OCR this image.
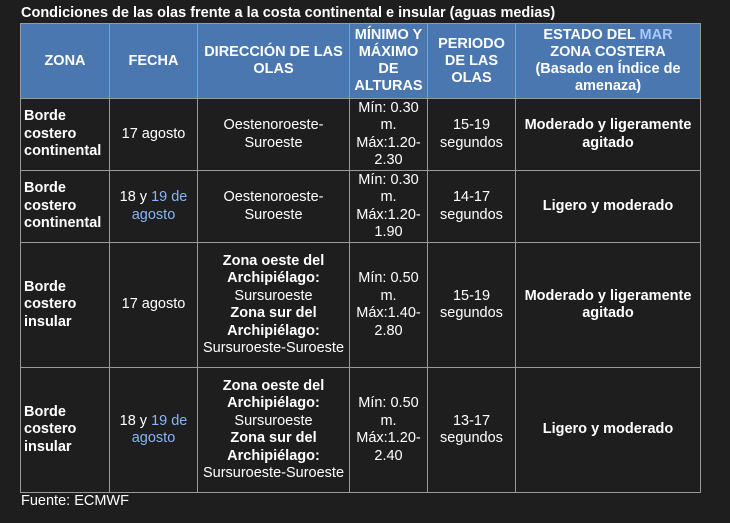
Condiciones de las olas frente a la costa continental e insular (aguas medias)
ZONA	FECHA	DIRECCIÓN DE LAS OLAS	MÍNIMO Y MÁXIMO DE ALTURAS	PERIODO DE LAS OLAS	ESTADO DEL MAR
ZONA COSTERA
(Basado en Índice de amenaza)

Borde costero continental	17 agosto	Oestenoroeste-Suroeste	Mín: 0.30 m. Máx:1.20-2.30	15-19 segundos	Moderado y ligeramente agitado
Borde costero continental	18 y 19 de agosto	Oestenoroeste-Suroeste	Mín: 0.30 m. Máx:1.20-1.90	14-17 segundos	Ligero y moderado
Borde costero insular	17 agosto	Zona oeste del Archipiélago:
Sursuroeste
Zona sur del Archipiélago:
Sursuroeste-Suroeste	Mín: 0.50 m. Máx:1.40-2.80	15-19 segundos	Moderado y ligeramente agitado
Borde costero insular	18 y 19 de agosto	Zona oeste del Archipiélago:
Sursuroeste
Zona sur del Archipiélago:
Sursuroeste-Suroeste	Mín: 0.50 m. Máx:1.20-2.40	13-17 segundos	Ligero y moderado
Fuente: ECMWF
